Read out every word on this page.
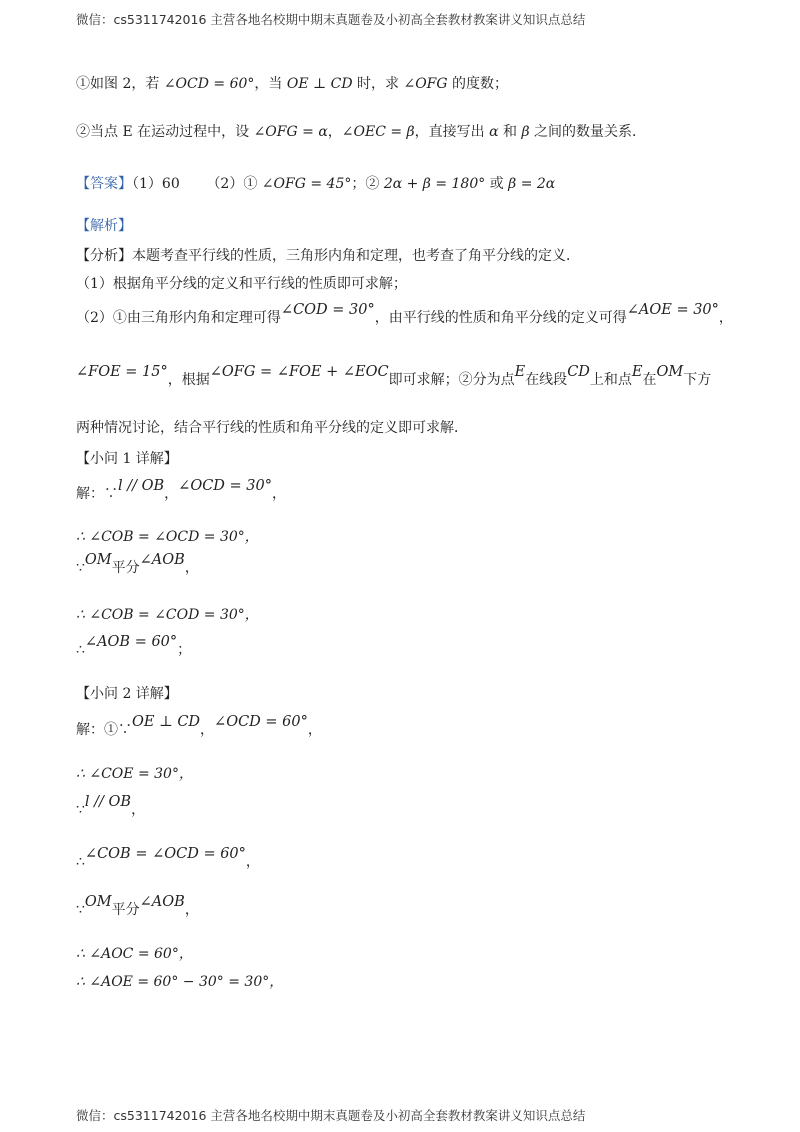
微信：cs5311742016 主营各地名校期中期末真题卷及小初高全套教材教案讲义知识点总结
①如图 2，若 ∠OCD = 60°，当 OE ⊥ CD 时，求 ∠OFG 的度数；
②当点 E 在运动过程中，设 ∠OFG = α，∠OEC = β，直接写出 α 和 β 之间的数量关系．
【答案】（1）60 （2）① ∠OFG = 45°；② 2α + β = 180° 或 β = 2α
【解析】
【分析】本题考查平行线的性质，三角形内角和定理，也考查了角平分线的定义．
（1）根据角平分线的定义和平行线的性质即可求解；
（2）①由三角形内角和定理可得∠COD = 30°，由平行线的性质和角平分线的定义可得∠AOE = 30°，
∠FOE = 15°，根据∠OFG = ∠FOE + ∠EOC即可求解；②分为点E在线段CD上和点E在OM下方
两种情况讨论，结合平行线的性质和角平分线的定义即可求解．
【小问 1 详解】
解：∵l // OB，∠OCD = 30°，
∴ ∠COB = ∠OCD = 30°，
∵OM平分∠AOB，
∴ ∠COB = ∠COD = 30°，
∴∠AOB = 60°；
【小问 2 详解】
解：①∵OE ⊥ CD，∠OCD = 60°，
∴ ∠COE = 30°，
∵l // OB，
∴∠COB = ∠OCD = 60°，
∵OM平分∠AOB，
∴ ∠AOC = 60°，
∴ ∠AOE = 60° − 30° = 30°，
微信：cs5311742016 主营各地名校期中期末真题卷及小初高全套教材教案讲义知识点总结
